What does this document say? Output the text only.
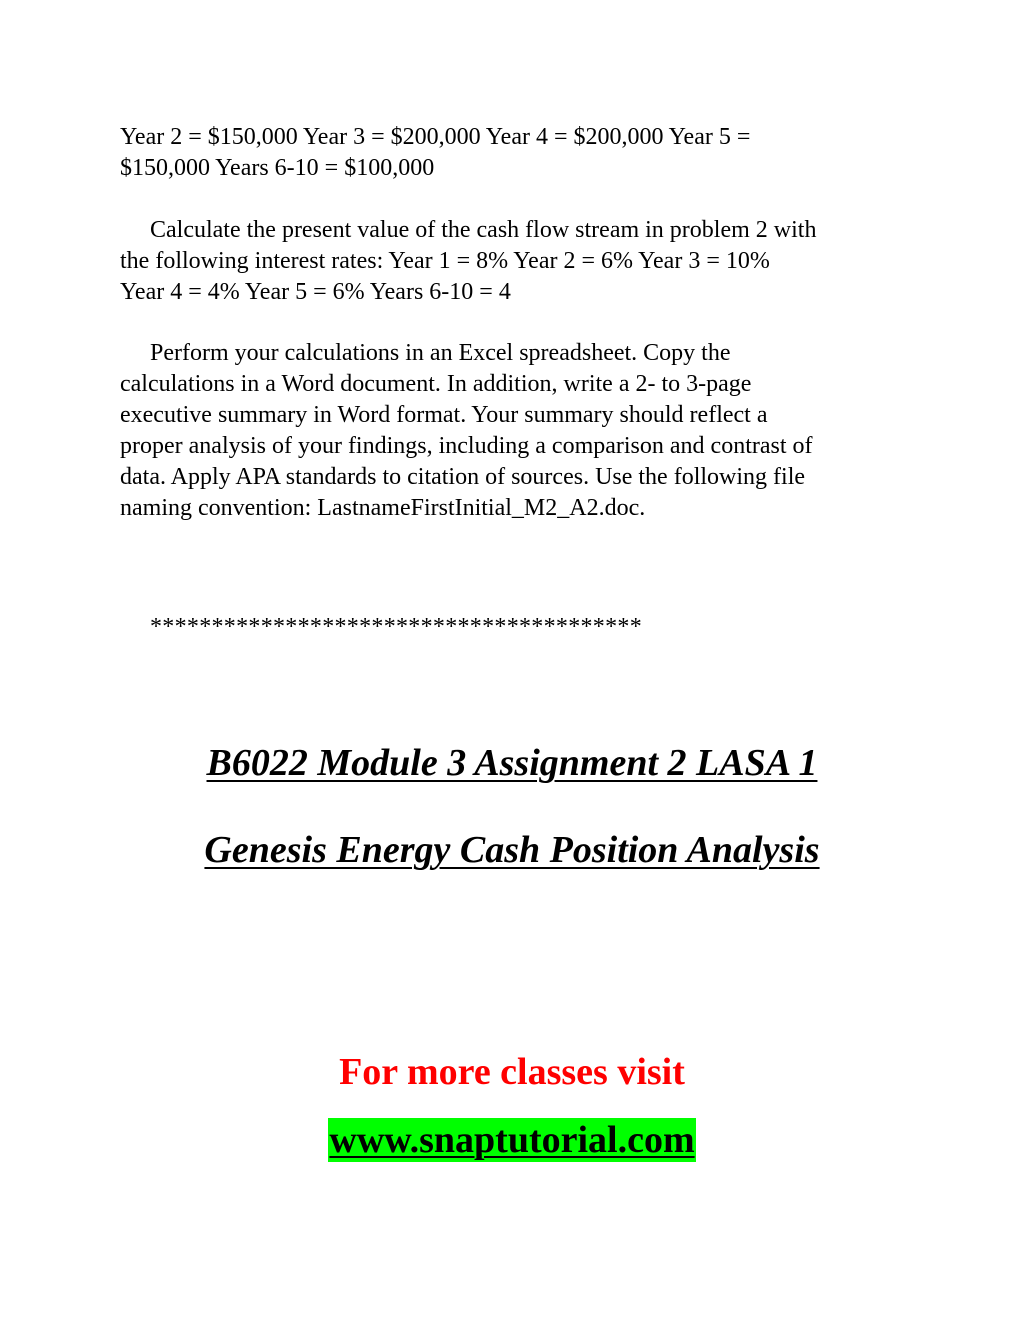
Year 2 = $150,000 Year 3 = $200,000 Year 4 = $200,000 Year 5 =
$150,000 Years 6-10 = $100,000

Calculate the present value of the cash flow stream in problem 2 with
the following interest rates: Year 1 = 8% Year 2 = 6% Year 3 = 10%
Year 4 = 4% Year 5 = 6% Years 6-10 = 4

Perform your calculations in an Excel spreadsheet. Copy the
calculations in a Word document. In addition, write a 2- to 3-page
executive summary in Word format. Your summary should reflect a
proper analysis of your findings, including a comparison and contrast of
data. Apply APA standards to citation of sources. Use the following file
naming convention: LastnameFirstInitial_M2_A2.doc.

****************************************
B6022 Module 3 Assignment 2 LASA 1
Genesis Energy Cash Position Analysis
For more classes visit
www.snaptutorial.com
